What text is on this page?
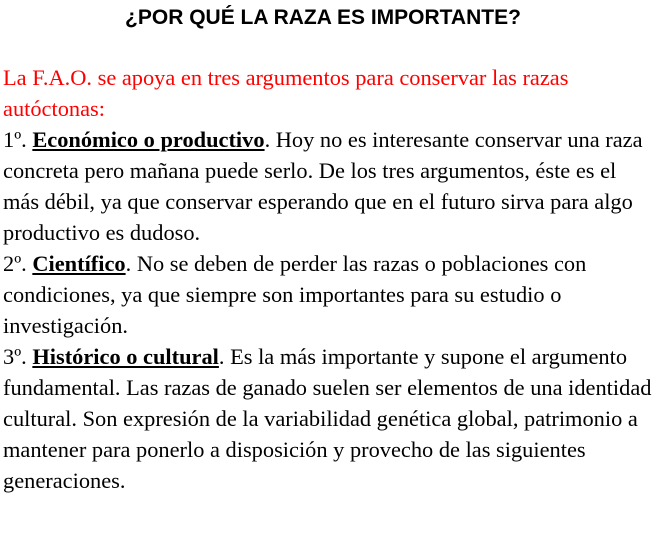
¿POR QUÉ LA RAZA ES IMPORTANTE?
La F.A.O. se apoya en tres argumentos para conservar las razas autóctonas:
1º. Económico o productivo. Hoy no es interesante conservar una raza concreta pero mañana puede serlo. De los tres argumentos, éste es el más débil, ya que conservar esperando que en el futuro sirva para algo productivo es dudoso.
2º. Científico. No se deben de perder las razas o poblaciones con condiciones, ya que siempre son importantes para su estudio o investigación.
3º. Histórico o cultural. Es la más importante y supone el argumento fundamental. Las razas de ganado suelen ser elementos de una identidad cultural. Son expresión de la variabilidad genética global, patrimonio a mantener para ponerlo a disposición y provecho de las siguientes generaciones.
